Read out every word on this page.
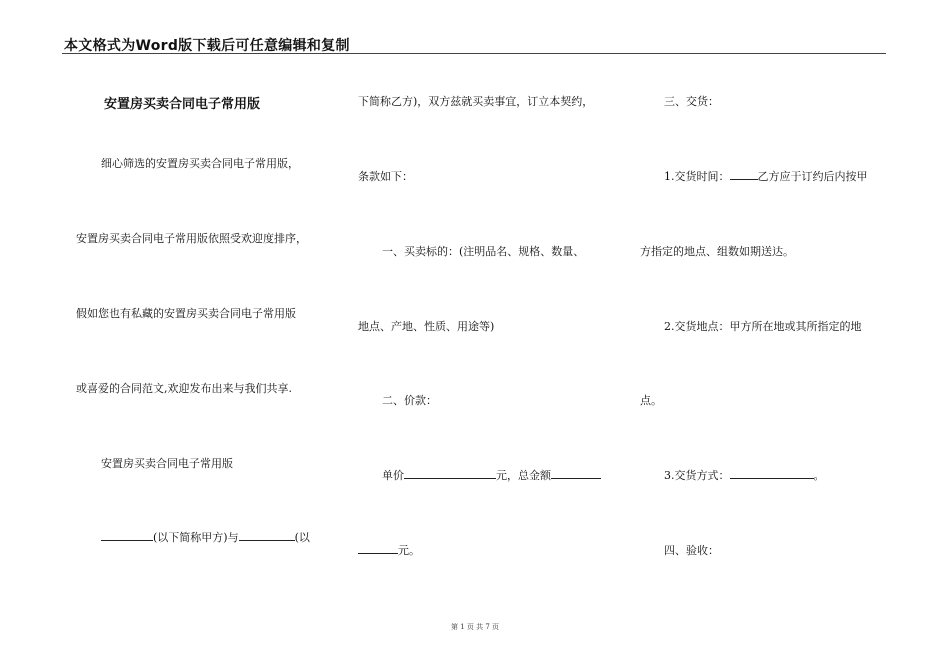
本文格式为Word版下载后可任意编辑和复制
安置房买卖合同电子常用版
细心筛选的安置房买卖合同电子常用版，
安置房买卖合同电子常用版依照受欢迎度排序，
假如您也有私藏的安置房买卖合同电子常用版
或喜爱的合同范文,欢迎发布出来与我们共享.
安置房买卖合同电子常用版
(以下简称甲方)与	(以
下简称乙方)，双方兹就买卖事宜，订立本契约，
条款如下：
一、买卖标的：(注明品名、规格、数量、
地点、产地、性质、用途等)
二、价款：
单价	元，总金额
元。
三、交货：
1.交货时间：	乙方应于订约后内按甲
方指定的地点、组数如期送达。
2.交货地点：甲方所在地或其所指定的地
点。
3.交货方式：	。
四、验收：
第 1 页 共 7 页
